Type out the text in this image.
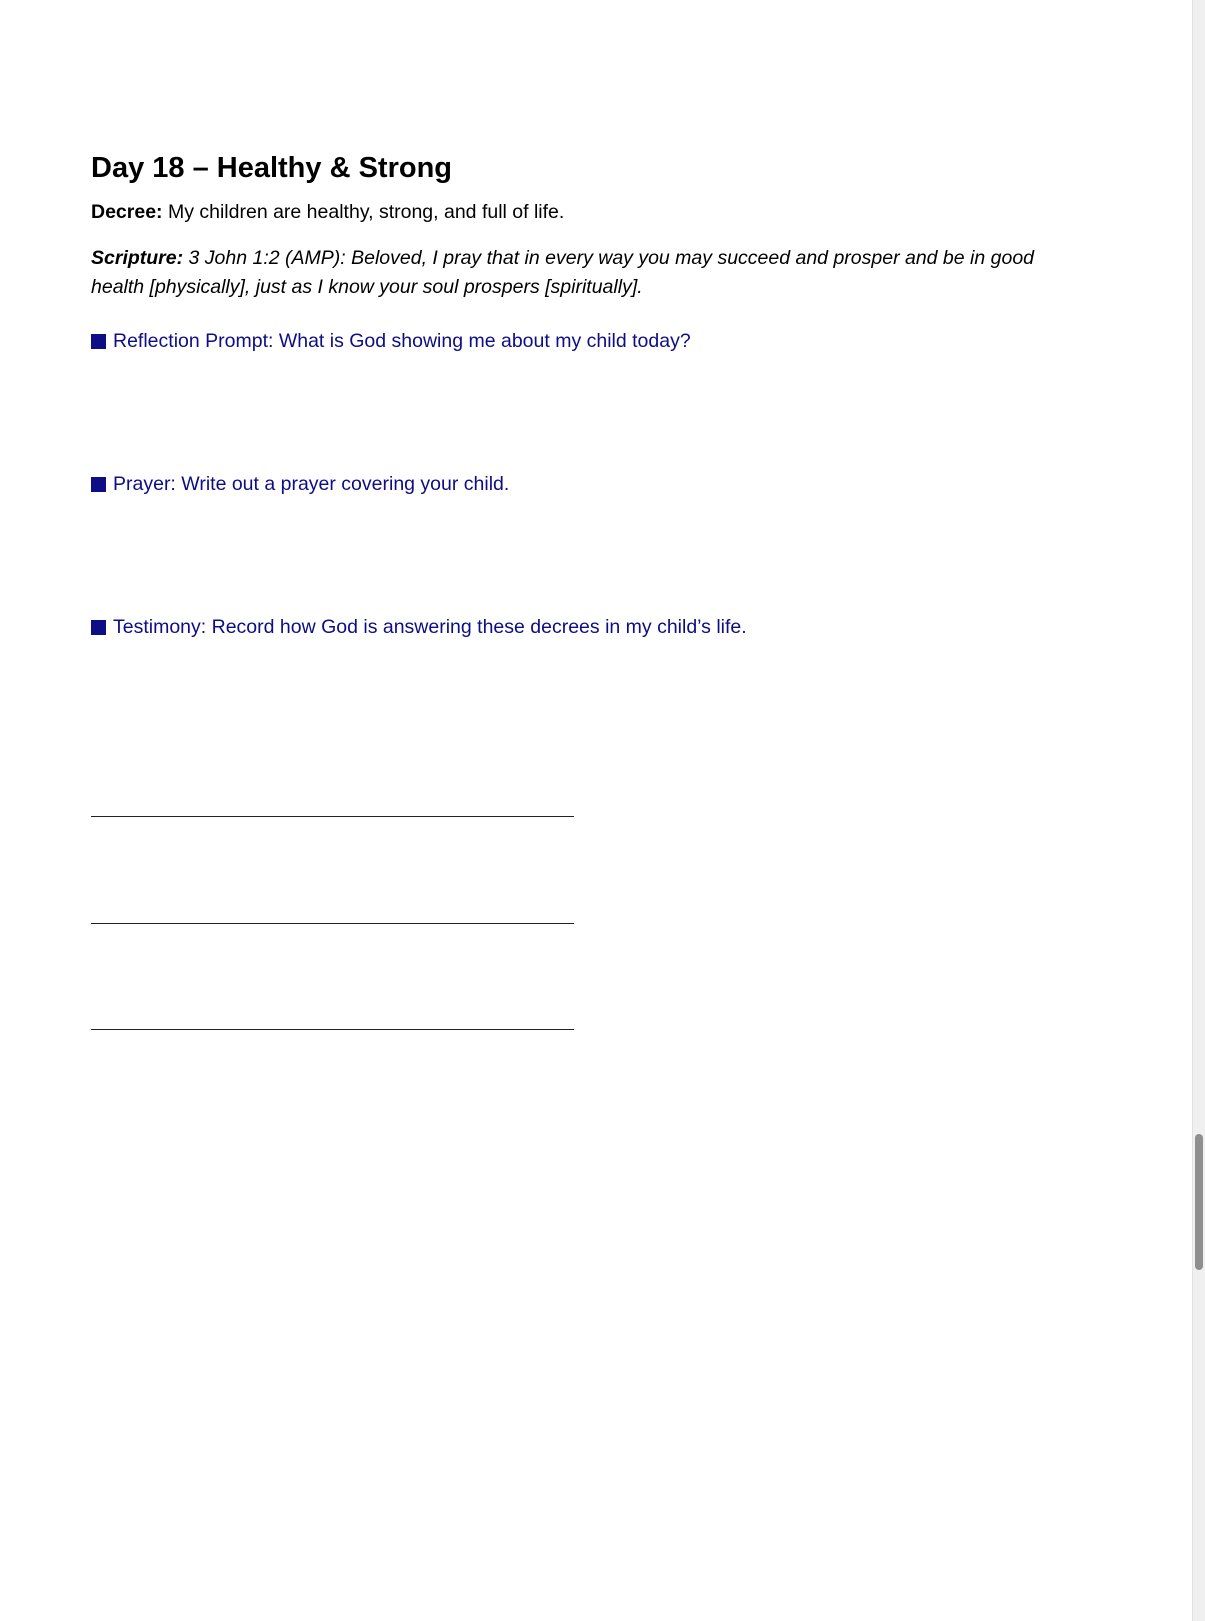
Day 18 – Healthy & Strong
Decree: My children are healthy, strong, and full of life.
Scripture: 3 John 1:2 (AMP): Beloved, I pray that in every way you may succeed and prosper and be in good health [physically], just as I know your soul prospers [spiritually].
Reflection Prompt: What is God showing me about my child today?
Prayer: Write out a prayer covering your child.
Testimony: Record how God is answering these decrees in my child’s life.
